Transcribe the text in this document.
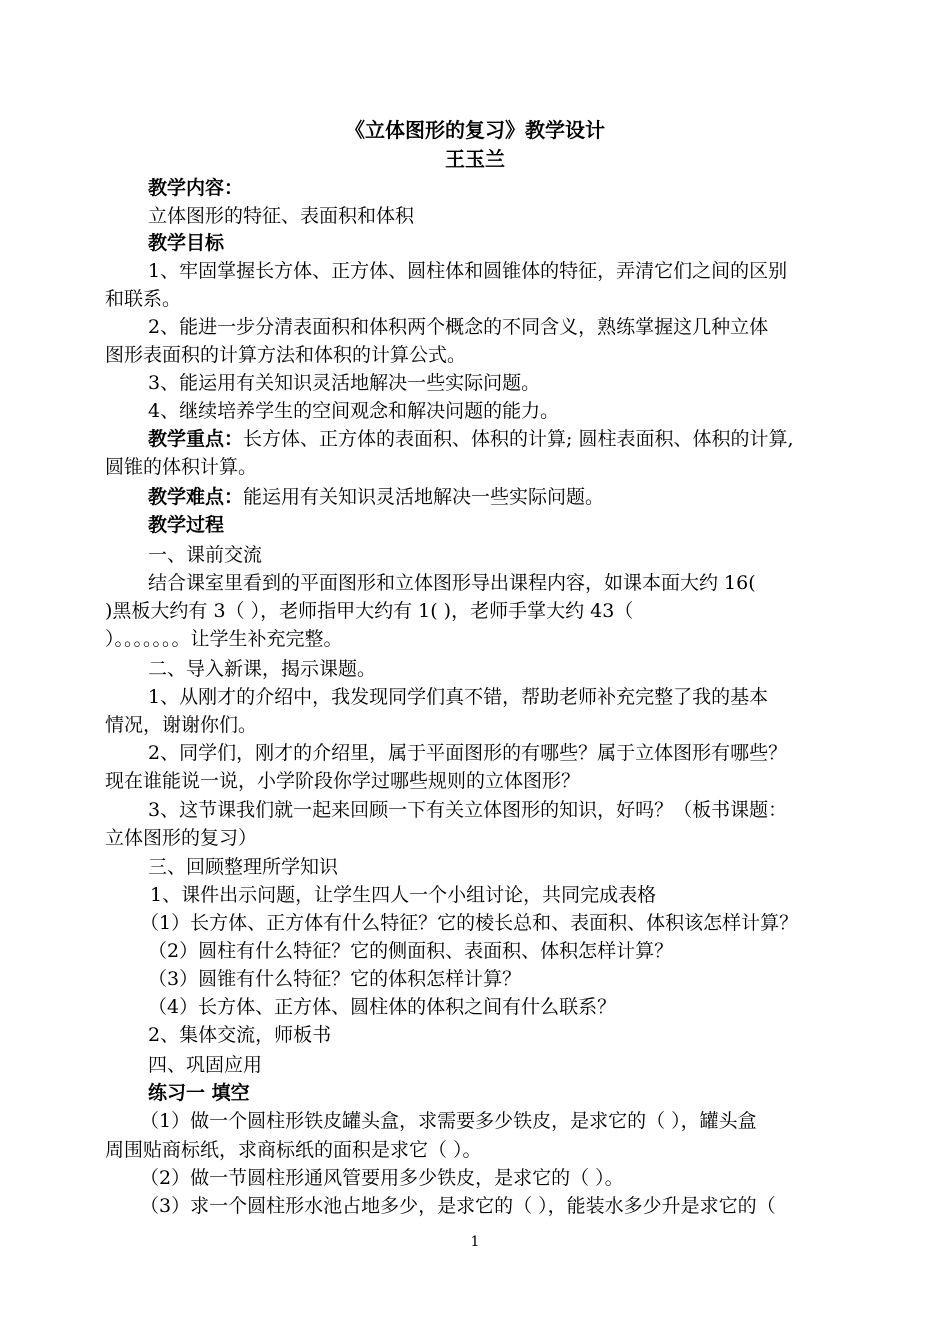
《立体图形的复习》教学设计
王玉兰
教学内容：
立体图形的特征、表面积和体积
教学目标
1、牢固掌握长方体、正方体、圆柱体和圆锥体的特征，弄清它们之间的区别
和联系。
2、能进一步分清表面积和体积两个概念的不同含义，熟练掌握这几种立体
图形表面积的计算方法和体积的计算公式。
3、能运用有关知识灵活地解决一些实际问题。
4、继续培养学生的空间观念和解决问题的能力。
教学重点：长方体、正方体的表面积、体积的计算; 圆柱表面积、体积的计算,
圆锥的体积计算。
教学难点：能运用有关知识灵活地解决一些实际问题。
教学过程
一、课前交流
结合课室里看到的平面图形和立体图形导出课程内容，如课本面大约 16(
)黑板大约有 3（ ），老师指甲大约有 1( )，老师手掌大约 43（
）。。。。。。。让学生补充完整。
二、导入新课，揭示课题。
1、从刚才的介绍中，我发现同学们真不错，帮助老师补充完整了我的基本
情况，谢谢你们。
2、同学们，刚才的介绍里，属于平面图形的有哪些？属于立体图形有哪些？
现在谁能说一说，小学阶段你学过哪些规则的立体图形？
3、这节课我们就一起来回顾一下有关立体图形的知识，好吗？（板书课题：
立体图形的复习）
三、回顾整理所学知识
1、课件出示问题，让学生四人一个小组讨论，共同完成表格
（1）长方体、正方体有什么特征？它的棱长总和、表面积、体积该怎样计算？
（2）圆柱有什么特征？它的侧面积、表面积、体积怎样计算？
（3）圆锥有什么特征？它的体积怎样计算？
（4）长方体、正方体、圆柱体的体积之间有什么联系？
2、集体交流，师板书
四、巩固应用
练习一 填空
（1）做一个圆柱形铁皮罐头盒，求需要多少铁皮，是求它的（ ），罐头盒
周围贴商标纸，求商标纸的面积是求它（ ）。
（2）做一节圆柱形通风管要用多少铁皮，是求它的（ ）。
（3）求一个圆柱形水池占地多少，是求它的（ ），能装水多少升是求它的（
1
